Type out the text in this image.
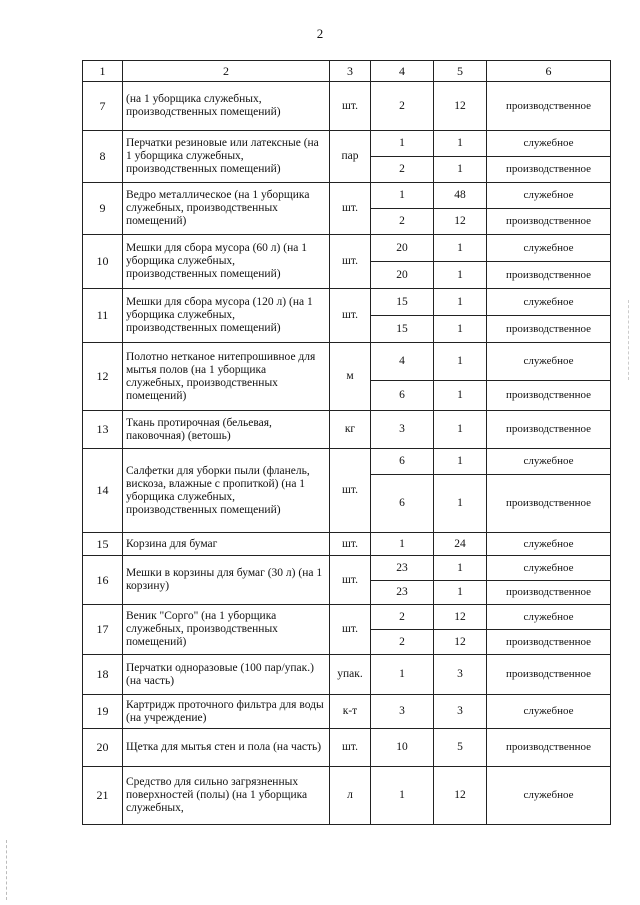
2
1	2	3	4	5	6
7	(на 1 уборщика служебных, производственных помещений)	шт.	2	12	производственное
8	Перчатки резиновые или латексные (на 1 уборщика служебных, производственных помещений)	пар	1	1	служебное
			2	1	производственное
9	Ведро металлическое (на 1 уборщика служебных, производственных помещений)	шт.	1	48	служебное
			2	12	производственное
10	Мешки для сбора мусора (60 л) (на 1 уборщика служебных, производственных помещений)	шт.	20	1	служебное
			20	1	производственное
11	Мешки для сбора мусора (120 л) (на 1 уборщика служебных, производственных помещений)	шт.	15	1	служебное
			15	1	производственное
12	Полотно нетканое нитепрошивное для мытья полов (на 1 уборщика служебных, производственных помещений)	м	4	1	служебное
			6	1	производственное
13	Ткань протирочная (бельевая, паковочная) (ветошь)	кг	3	1	производственное
14	Салфетки для уборки пыли (фланель, вискоза, влажные с пропиткой) (на 1 уборщика служебных, производственных помещений)	шт.	6	1	служебное
			6	1	производственное
15	Корзина для бумаг	шт.	1	24	служебное
16	Мешки в корзины для бумаг (30 л) (на 1 корзину)	шт.	23	1	служебное
			23	1	производственное
17	Веник "Сорго" (на 1 уборщика служебных, производственных помещений)	шт.	2	12	служебное
			2	12	производственное
18	Перчатки одноразовые (100 пар/упак.) (на часть)	упак.	1	3	производственное
19	Картридж проточного фильтра для воды (на учреждение)	к-т	3	3	служебное
20	Щетка для мытья стен и пола (на часть)	шт.	10	5	производственное
21	Средство для сильно загрязненных поверхностей (полы) (на 1 уборщика служебных,	л	1	12	служебное
